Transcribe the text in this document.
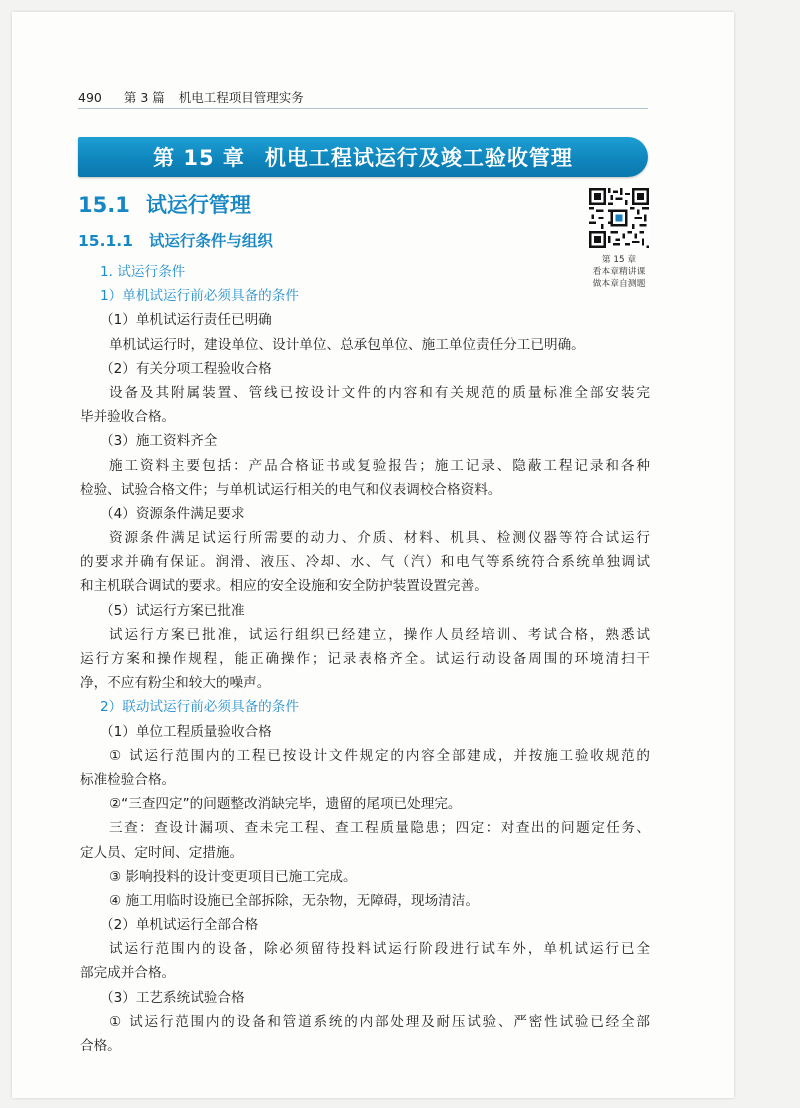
490 第 3 篇 机电工程项目管理实务
第 15 章 机电工程试运行及竣工验收管理
15.1 试运行管理
15.1.1 试运行条件与组织
第 15 章
看本章精讲课
做本章自测题
1. 试运行条件
1）单机试运行前必须具备的条件
（1）单机试运行责任已明确
单机试运行时，建设单位、设计单位、总承包单位、施工单位责任分工已明确。
（2）有关分项工程验收合格
设备及其附属装置、管线已按设计文件的内容和有关规范的质量标准全部安装完
毕并验收合格。
（3）施工资料齐全
施工资料主要包括：产品合格证书或复验报告；施工记录、隐蔽工程记录和各种
检验、试验合格文件；与单机试运行相关的电气和仪表调校合格资料。
（4）资源条件满足要求
资源条件满足试运行所需要的动力、介质、材料、机具、检测仪器等符合试运行
的要求并确有保证。润滑、液压、冷却、水、气（汽）和电气等系统符合系统单独调试
和主机联合调试的要求。相应的安全设施和安全防护装置设置完善。
（5）试运行方案已批准
试运行方案已批准，试运行组织已经建立，操作人员经培训、考试合格，熟悉试
运行方案和操作规程，能正确操作；记录表格齐全。试运行动设备周围的环境清扫干
净，不应有粉尘和较大的噪声。
2）联动试运行前必须具备的条件
（1）单位工程质量验收合格
① 试运行范围内的工程已按设计文件规定的内容全部建成，并按施工验收规范的
标准检验合格。
②“三查四定”的问题整改消缺完毕，遗留的尾项已处理完。
三查：查设计漏项、查未完工程、查工程质量隐患；四定：对查出的问题定任务、
定人员、定时间、定措施。
③ 影响投料的设计变更项目已施工完成。
④ 施工用临时设施已全部拆除，无杂物，无障碍，现场清洁。
（2）单机试运行全部合格
试运行范围内的设备，除必须留待投料试运行阶段进行试车外，单机试运行已全
部完成并合格。
（3）工艺系统试验合格
① 试运行范围内的设备和管道系统的内部处理及耐压试验、严密性试验已经全部
合格。
